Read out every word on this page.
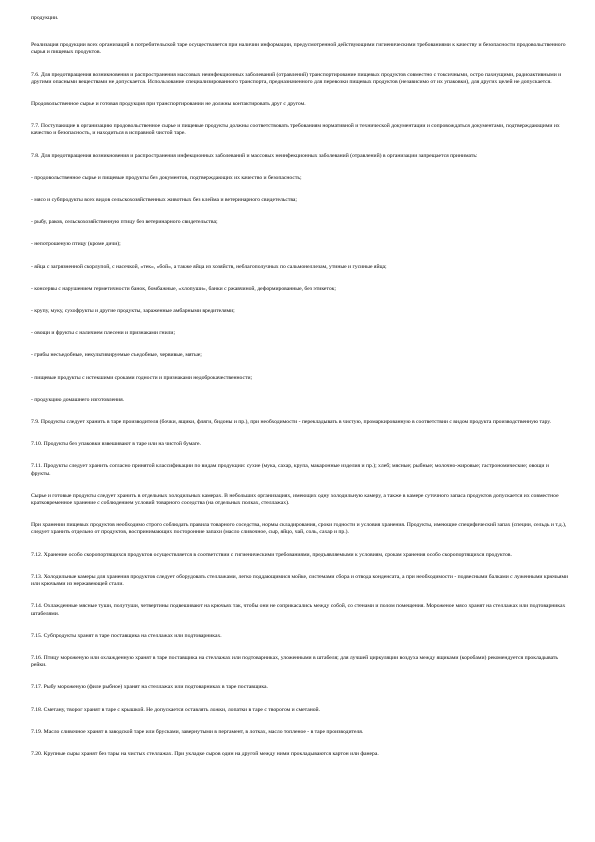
продукции.

Реализация продукции всех организаций в потребительской таре осуществляется при наличии информации, предусмотренной действующими гигиеническими требованиями к качеству и безопасности продовольственного сырья и пищевых продуктов.

7.6. Для предотвращения возникновения и распространения массовых неинфекционных заболеваний (отравлений) транспортирование пищевых продуктов совместно с токсичными, остро пахнущими, радиоактивными и другими опасными веществами не допускается. Использование специализированного транспорта, предназначенного для перевозки пищевых продуктов (независимо от их упаковки), для других целей не допускается.

Продовольственное сырье и готовая продукция при транспортировании не должны контактировать друг с другом.

7.7. Поступающие в организацию продовольственное сырье и пищевые продукты должны соответствовать требованиям нормативной и технической документации и сопровождаться документами, подтверждающими их качество и безопасность, и находиться в исправной чистой таре.

7.8. Для предотвращения возникновения и распространения инфекционных заболеваний и массовых неинфекционных заболеваний (отравлений) в организации запрещается принимать:

- продовольственное сырье и пищевые продукты без документов, подтверждающих их качество и безопасность;

- мясо и субпродукты всех видов сельскохозяйственных животных без клейма и ветеринарного свидетельства;

- рыбу, раков, сельскохозяйственную птицу без ветеринарного свидетельства;

- непотрошеную птицу (кроме дичи);

- яйца с загрязненной скорлупой, с насечкой, «тек», «бой», а также яйца из хозяйств, неблагополучных по сальмонеллезам, утиные и гусиные яйца;

- консервы с нарушением герметичности банок, бомбажные, «хлопуши», банки с ржавчиной, деформированные, без этикеток;

- крупу, муку, сухофрукты и другие продукты, зараженные амбарными вредителями;

- овощи и фрукты с наличием плесени и признаками гнили;

- грибы несъедобные, некультивируемые съедобные, червивые, мятые;

- пищевые продукты с истекшими сроками годности и признаками недоброкачественности;

- продукцию домашнего изготовления.

7.9. Продукты следует хранить в таре производителя (бочки, ящики, фляги, бидоны и пр.), при необходимости - перекладывать в чистую, промаркированную в соответствии с видом продукта производственную тару.

7.10. Продукты без упаковки взвешивают в таре или на чистой бумаге.

7.11. Продукты следует хранить согласно принятой классификации по видам продукции: сухие (мука, сахар, крупа, макаронные изделия и пр.); хлеб; мясные; рыбные; молочно-жировые; гастрономические; овощи и фрукты.

Сырье и готовые продукты следует хранить в отдельных холодильных камерах. В небольших организациях, имеющих одну холодильную камеру, а также в камере суточного запаса продуктов допускается их совместное кратковременное хранение с соблюдением условий товарного соседства (на отдельных полках, стеллажах).

При хранении пищевых продуктов необходимо строго соблюдать правила товарного соседства, нормы складирования, сроки годности и условия хранения. Продукты, имеющие специфический запах (специи, сельдь и т.д.), следует хранить отдельно от продуктов, воспринимающих посторонние запахи (масло сливочное, сыр, яйцо, чай, соль, сахар и пр.).

7.12. Хранение особо скоропортящихся продуктов осуществляется в соответствии с гигиеническими требованиями, предъявляемыми к условиям, срокам хранения особо скоропортящихся продуктов.

7.13. Холодильные камеры для хранения продуктов следует оборудовать стеллажами, легко поддающимися мойке, системами сбора и отвода конденсата, а при необходимости - подвесными балками с луженными крючьями или крючьями из нержавеющей стали.

7.14. Охлажденные мясные туши, полутуши, четвертины подвешивают на крючьях так, чтобы они не соприкасались между собой, со стенами и полом помещения. Мороженое мясо хранят на стеллажах или подтоварниках штабелями.

7.15. Субпродукты хранят в таре поставщика на стеллажах или подтоварниках.

7.16. Птицу мороженую или охлажденную хранят в таре поставщика на стеллажах или подтоварниках, уложенными в штабеля; для лучшей циркуляции воздуха между ящиками (коробами) рекомендуется прокладывать рейки.

7.17. Рыбу мороженую (филе рыбное) хранят на стеллажах или подтоварниках в таре поставщика.

7.18. Сметану, творог хранят в таре с крышкой. Не допускается оставлять ложки, лопатки в таре с творогом и сметаной.

7.19. Масло сливочное хранят в заводской таре или брусками, завернутыми в пергамент, в лотках, масло топленое - в таре производителя.

7.20. Крупные сыры хранят без тары на чистых стеллажах. При укладке сыров один на другой между ними прокладываются картон или фанера.
